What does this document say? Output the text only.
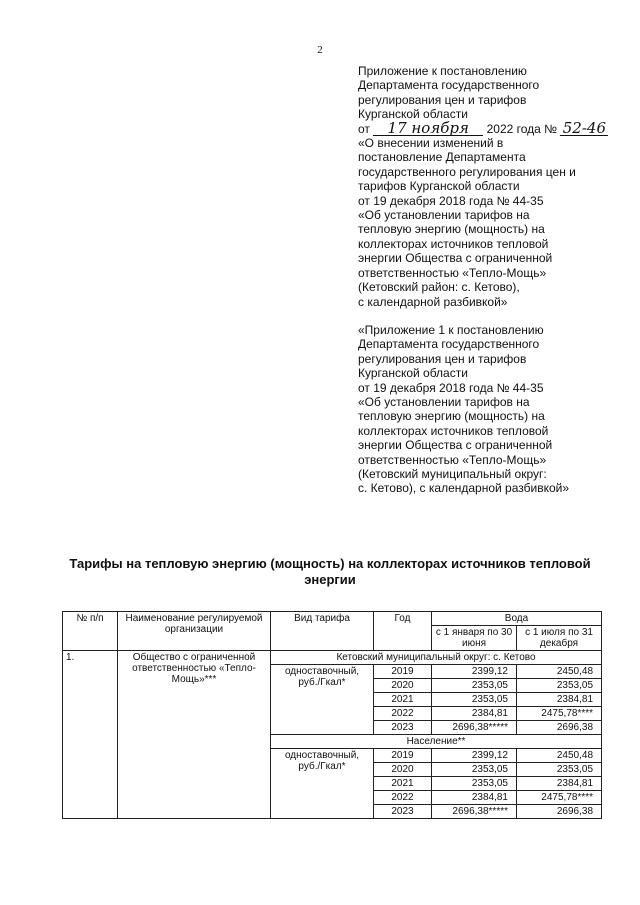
2
Приложение к постановлению
Департамента государственного
регулирования цен и тарифов
Курганской области
от 17 ноября 2022 года № 52-46
«О внесении изменений в
постановление Департамента
государственного регулирования цен и
тарифов Курганской области
от 19 декабря 2018 года № 44-35
«Об установлении тарифов на
тепловую энергию (мощность) на
коллекторах источников тепловой
энергии Общества с ограниченной
ответственностью «Тепло-Мощь»
(Кетовский район: с. Кетово),
с календарной разбивкой»
«Приложение 1 к постановлению
Департамента государственного
регулирования цен и тарифов
Курганской области
от 19 декабря 2018 года № 44-35
«Об установлении тарифов на
тепловую энергию (мощность) на
коллекторах источников тепловой
энергии Общества с ограниченной
ответственностью «Тепло-Мощь»
(Кетовский муниципальный округ:
с. Кетово), с календарной разбивкой»
Тарифы на тепловую энергию (мощность) на коллекторах источников тепловой
энергии
№ п/п	Наименование регулируемой организации	Вид тарифа	Год	Вода	
				с 1 января по 30 июня	с 1 июля по 31 декабря
1.	Общество с ограниченной ответственностью «Тепло-Мощь»***	Кетовский муниципальный округ: с. Кетово			
		одноставочный, руб./Гкал*	2019	2399,12	2450,48
			2020	2353,05	2353,05
			2021	2353,05	2384,81
			2022	2384,81	2475,78****
			2023	2696,38*****	2696,38
		Население**			
		одноставочный, руб./Гкал*	2019	2399,12	2450,48
			2020	2353,05	2353,05
			2021	2353,05	2384,81
			2022	2384,81	2475,78****
			2023	2696,38*****	2696,38
